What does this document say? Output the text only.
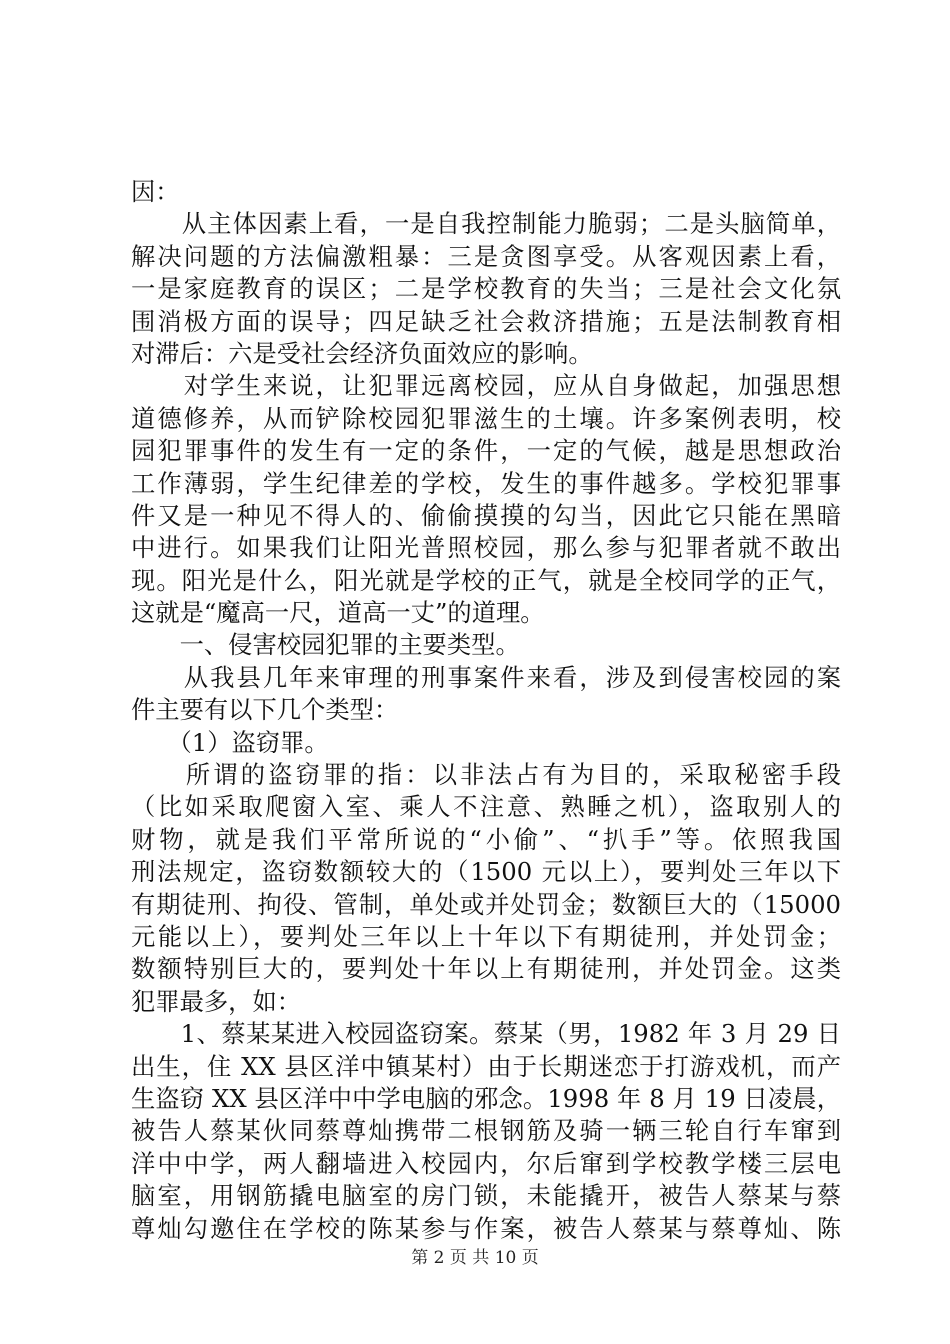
因：
　　从主体因素上看，一是自我控制能力脆弱；二是头脑简单，
解决问题的方法偏激粗暴：三是贪图享受。从客观因素上看，
一是家庭教育的误区；二是学校教育的失当；三是社会文化氛
围消极方面的误导；四足缺乏社会救济措施；五是法制教育相
对滞后：六是受社会经济负面效应的影响。
　　对学生来说，让犯罪远离校园，应从自身做起，加强思想
道德修养，从而铲除校园犯罪滋生的土壤。许多案例表明，校
园犯罪事件的发生有一定的条件，一定的气候，越是思想政治
工作薄弱，学生纪律差的学校，发生的事件越多。学校犯罪事
件又是一种见不得人的、偷偷摸摸的勾当，因此它只能在黑暗
中进行。如果我们让阳光普照校园，那么参与犯罪者就不敢出
现。阳光是什么，阳光就是学校的正气，就是全校同学的正气，
这就是“魔高一尺，道高一丈”的道理。
　　一、侵害校园犯罪的主要类型。
　　从我县几年来审理的刑事案件来看，涉及到侵害校园的案
件主要有以下几个类型：
　　（1）盗窃罪。
　　所谓的盗窃罪的指：以非法占有为目的，采取秘密手段
（比如采取爬窗入室、乘人不注意、熟睡之机），盗取别人的
财物，就是我们平常所说的“小偷”、“扒手”等。依照我国
刑法规定，盗窃数额较大的（1500 元以上），要判处三年以下
有期徒刑、拘役、管制，单处或并处罚金；数额巨大的（15000
元能以上），要判处三年以上十年以下有期徒刑，并处罚金；
数额特别巨大的，要判处十年以上有期徒刑，并处罚金。这类
犯罪最多，如：
　　1、蔡某某进入校园盗窃案。蔡某（男，1982 年 3 月 29 日
出生，住 XX 县区洋中镇某村）由于长期迷恋于打游戏机，而产
生盗窃 XX 县区洋中中学电脑的邪念。1998 年 8 月 19 日凌晨，
被告人蔡某伙同蔡尊灿携带二根钢筋及骑一辆三轮自行车窜到
洋中中学，两人翻墙进入校园内，尔后窜到学校教学楼三层电
脑室，用钢筋撬电脑室的房门锁，未能撬开，被告人蔡某与蔡
尊灿勾邀住在学校的陈某参与作案，被告人蔡某与蔡尊灿、陈
第 2 页 共 10 页
